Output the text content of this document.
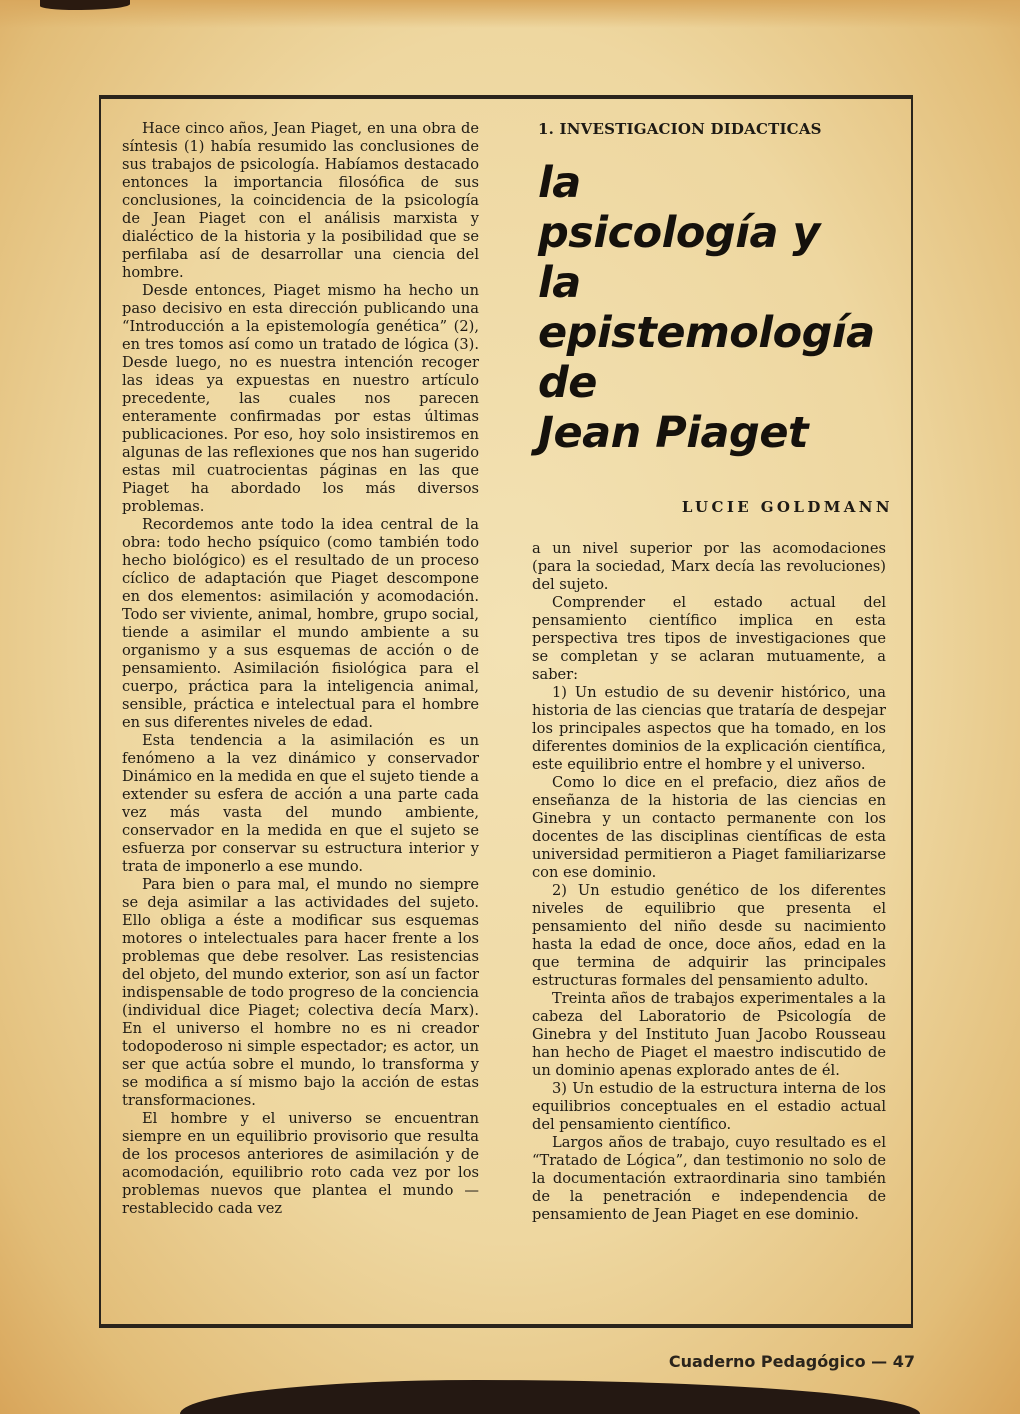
Hace cinco años, Jean Piaget, en una obra de síntesis (1) había resumido las conclusiones de sus trabajos de psicología. Habíamos destacado entonces la importancia filosófica de sus conclusiones, la coincidencia de la psicología de Jean Piaget con el análisis marxista y dialéctico de la historia y la posibilidad que se perfilaba así de desarrollar una ciencia del hombre.

Desde entonces, Piaget mismo ha hecho un paso decisivo en esta dirección publicando una “Introducción a la epistemología genética” (2), en tres tomos así como un tratado de lógica (3). Desde luego, no es nuestra intención recoger las ideas ya expuestas en nuestro artículo precedente, las cuales nos parecen enteramente confirmadas por estas últimas publicaciones. Por eso, hoy solo insistiremos en algunas de las reflexiones que nos han sugerido estas mil cuatrocientas páginas en las que Piaget ha abordado los más diversos problemas.

Recordemos ante todo la idea central de la obra: todo hecho psíquico (como también todo hecho biológico) es el resultado de un proceso cíclico de adaptación que Piaget descompone en dos elementos: asimilación y acomodación. Todo ser viviente, animal, hombre, grupo social, tiende a asimilar el mundo ambiente a su organismo y a sus esquemas de acción o de pensamiento. Asimilación fisiológica para el cuerpo, práctica para la inteligencia animal, sensible, práctica e intelectual para el hombre en sus diferentes niveles de edad.

Esta tendencia a la asimilación es un fenómeno a la vez dinámico y conservador Dinámico en la medida en que el sujeto tiende a extender su esfera de acción a una parte cada vez más vasta del mundo ambiente, conservador en la medida en que el sujeto se esfuerza por conservar su estructura interior y trata de imponerlo a ese mundo.

Para bien o para mal, el mundo no siempre se deja asimilar a las actividades del sujeto. Ello obliga a éste a modificar sus esquemas motores o intelectuales para hacer frente a los problemas que debe resolver. Las resistencias del objeto, del mundo exterior, son así un factor indispensable de todo progreso de la conciencia (individual dice Piaget; colectiva decía Marx). En el universo el hombre no es ni creador todopoderoso ni simple espectador; es actor, un ser que actúa sobre el mundo, lo transforma y se modifica a sí mismo bajo la acción de estas transformaciones.

El hombre y el universo se encuentran siempre en un equilibrio provisorio que resulta de los procesos anteriores de asimilación y de acomodación, equilibrio roto cada vez por los problemas nuevos que plantea el mundo — restablecido cada vez

1. INVESTIGACION DIDACTICAS
la
psicología y
la
epistemología
de
Jean Piaget
LUCIE GOLDMANN

a un nivel superior por las acomodaciones (para la sociedad, Marx decía las revoluciones) del sujeto.

Comprender el estado actual del pensamiento científico implica en esta perspectiva tres tipos de investigaciones que se completan y se aclaran mutuamente, a saber:

1) Un estudio de su devenir histórico, una historia de las ciencias que trataría de despejar los principales aspectos que ha tomado, en los diferentes dominios de la explicación científica, este equilibrio entre el hombre y el universo.

Como lo dice en el prefacio, diez años de enseñanza de la historia de las ciencias en Ginebra y un contacto permanente con los docentes de las disciplinas científicas de esta universidad permitieron a Piaget familiarizarse con ese dominio.

2) Un estudio genético de los diferentes niveles de equilibrio que presenta el pensamiento del niño desde su nacimiento hasta la edad de once, doce años, edad en la que termina de adquirir las principales estructuras formales del pensamiento adulto.

Treinta años de trabajos experimentales a la cabeza del Laboratorio de Psicología de Ginebra y del Instituto Juan Jacobo Rousseau han hecho de Piaget el maestro indiscutido de un dominio apenas explorado antes de él.

3) Un estudio de la estructura interna de los equilibrios conceptuales en el estadio actual del pensamiento científico.

Largos años de trabajo, cuyo resultado es el “Tratado de Lógica”, dan testimonio no solo de la documentación extraordinaria sino también de la penetración e independencia de pensamiento de Jean Piaget en ese dominio.

Cuaderno Pedagógico — 47
